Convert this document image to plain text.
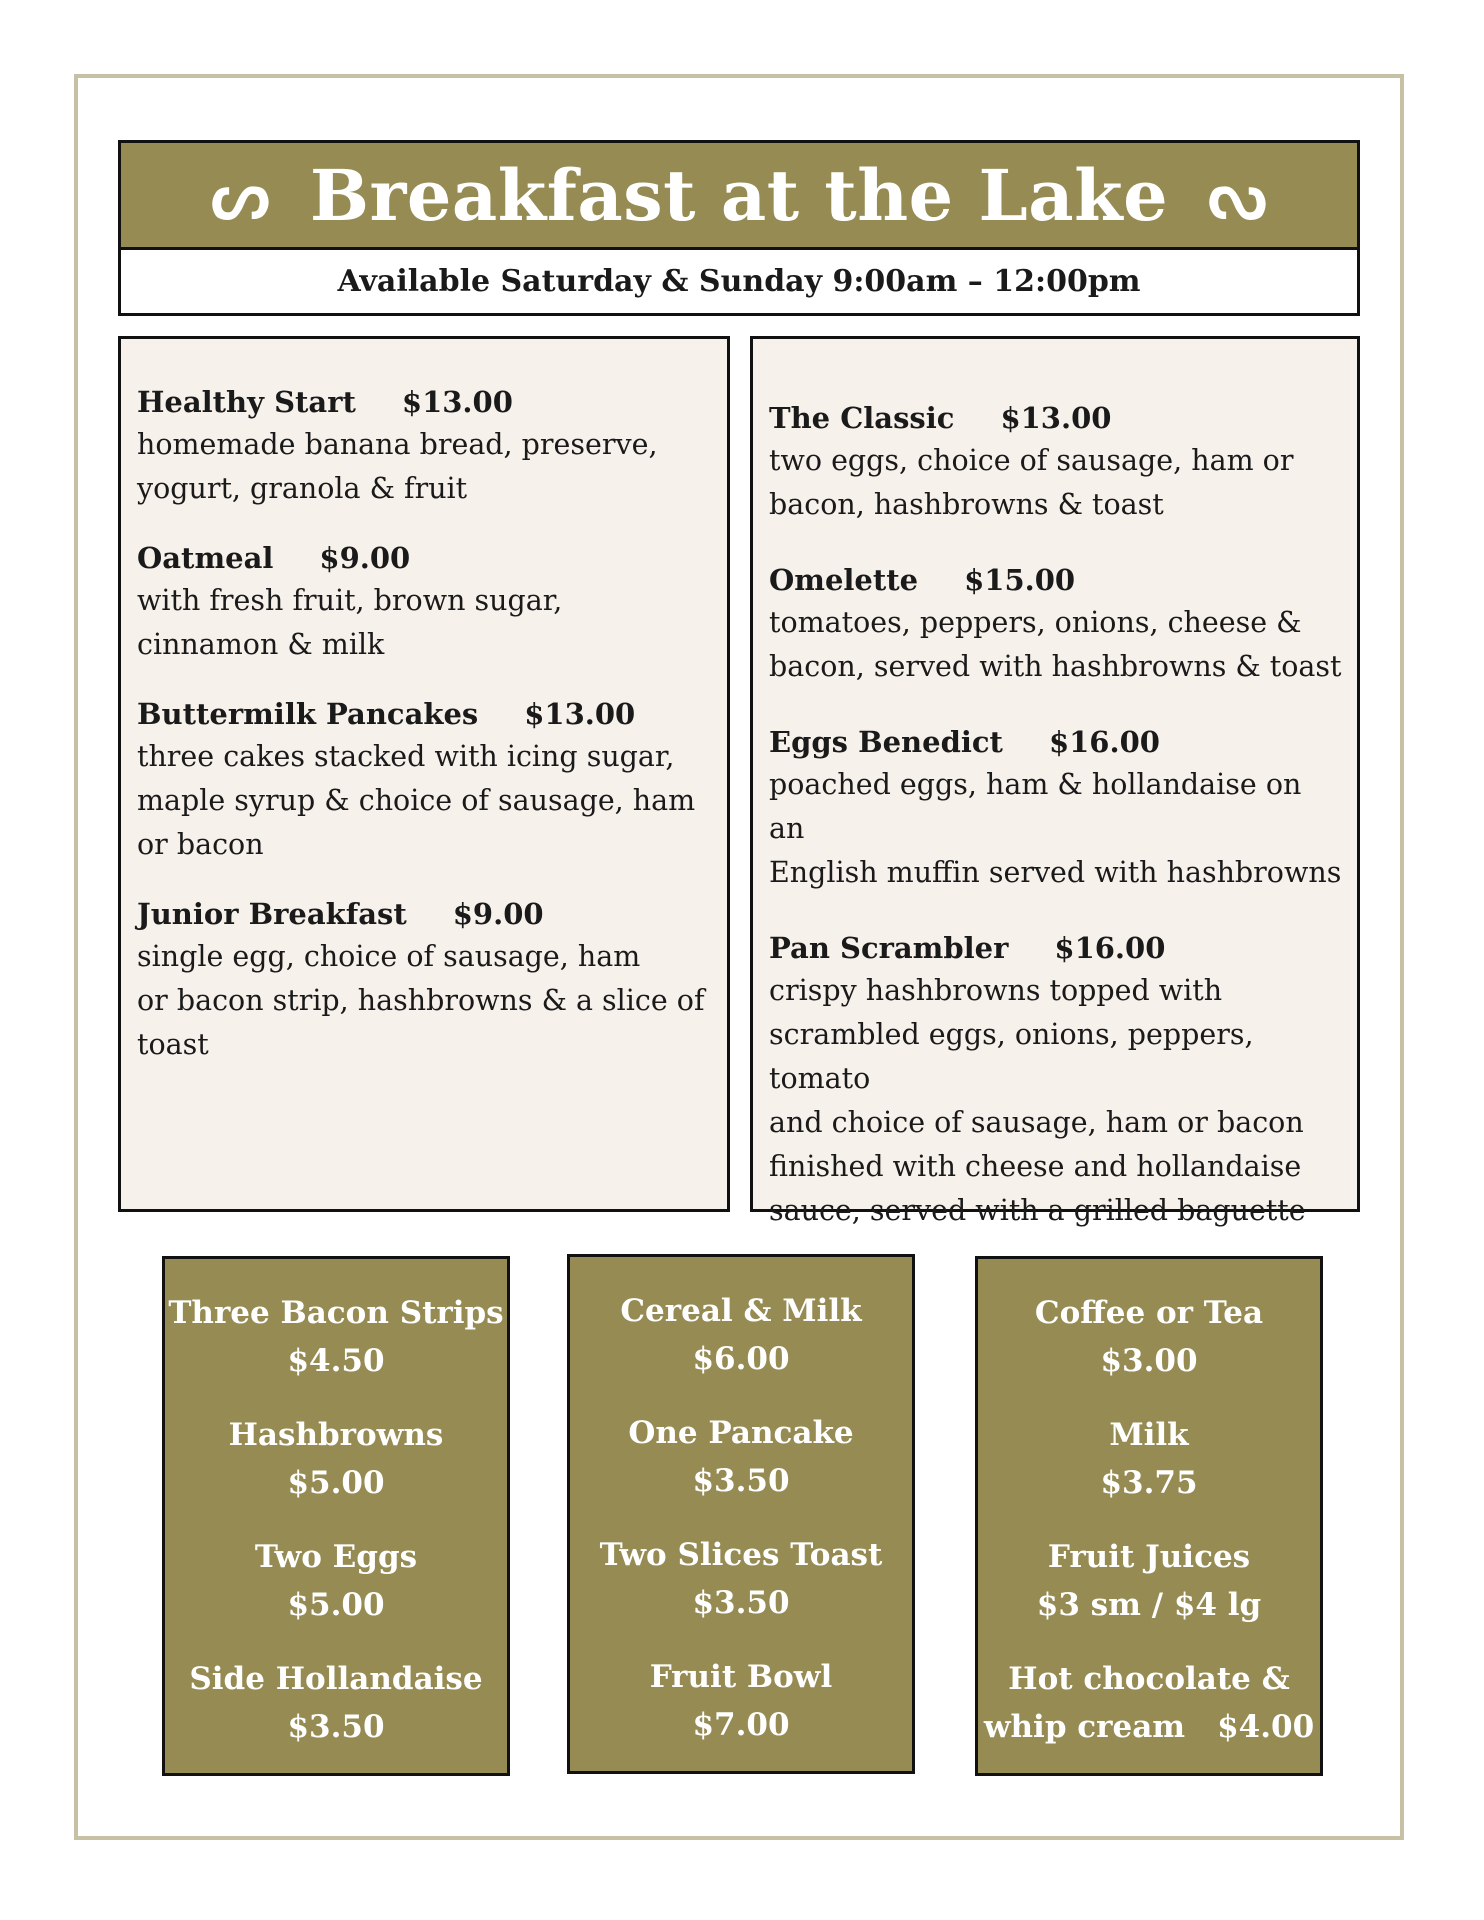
ᔕ Breakfast at the Lake ᔕ
Available Saturday & Sunday 9:00am – 12:00pm
Healthy Start $13.00
homemade banana bread, preserve,
yogurt, granola & fruit
Oatmeal $9.00
with fresh fruit, brown sugar,
cinnamon & milk
Buttermilk Pancakes $13.00
three cakes stacked with icing sugar,
maple syrup & choice of sausage, ham
or bacon
Junior Breakfast $9.00
single egg, choice of sausage, ham
or bacon strip, hashbrowns & a slice of
toast
The Classic $13.00
two eggs, choice of sausage, ham or
bacon, hashbrowns & toast
Omelette $15.00
tomatoes, peppers, onions, cheese &
bacon, served with hashbrowns & toast
Eggs Benedict $16.00
poached eggs, ham & hollandaise on an
English muffin served with hashbrowns
Pan Scrambler $16.00
crispy hashbrowns topped with
scrambled eggs, onions, peppers, tomato
and choice of sausage, ham or bacon
finished with cheese and hollandaise
sauce, served with a grilled baguette
Three Bacon Strips
$4.50
Hashbrowns
$5.00
Two Eggs
$5.00
Side Hollandaise
$3.50
Cereal & Milk
$6.00
One Pancake
$3.50
Two Slices Toast
$3.50
Fruit Bowl
$7.00
Coffee or Tea
$3.00
Milk
$3.75
Fruit Juices
$3 sm / $4 lg
Hot chocolate &
whip cream $4.00
